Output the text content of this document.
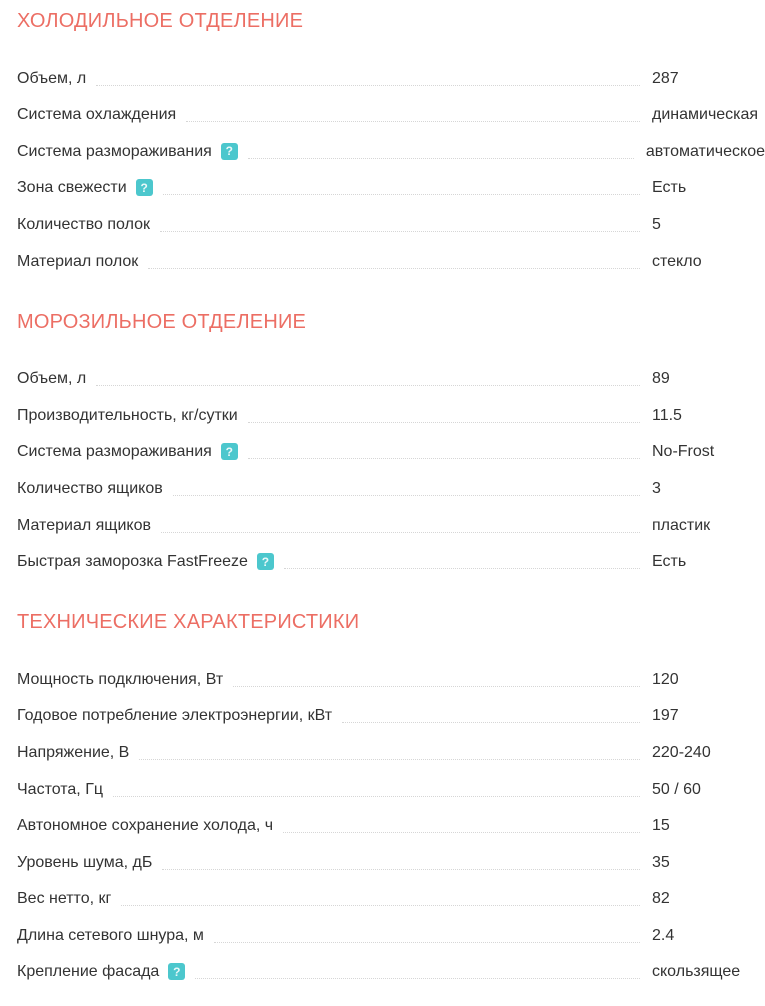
ХОЛОДИЛЬНОЕ ОТДЕЛЕНИЕ
Объем, л	287
Система охлаждения	динамическая
Система размораживания ?	автоматическое
Зона свежести ?	Есть
Количество полок	5
Материал полок	стекло
МОРОЗИЛЬНОЕ ОТДЕЛЕНИЕ
Объем, л	89
Производительность, кг/сутки	11.5
Система размораживания ?	No-Frost
Количество ящиков	3
Материал ящиков	пластик
Быстрая заморозка FastFreeze ?	Есть
ТЕХНИЧЕСКИЕ ХАРАКТЕРИСТИКИ
Мощность подключения, Вт	120
Годовое потребление электроэнергии, кВт	197
Напряжение, В	220-240
Частота, Гц	50 / 60
Автономное сохранение холода, ч	15
Уровень шума, дБ	35
Вес нетто, кг	82
Длина сетевого шнура, м	2.4
Крепление фасада ?	скользящее
